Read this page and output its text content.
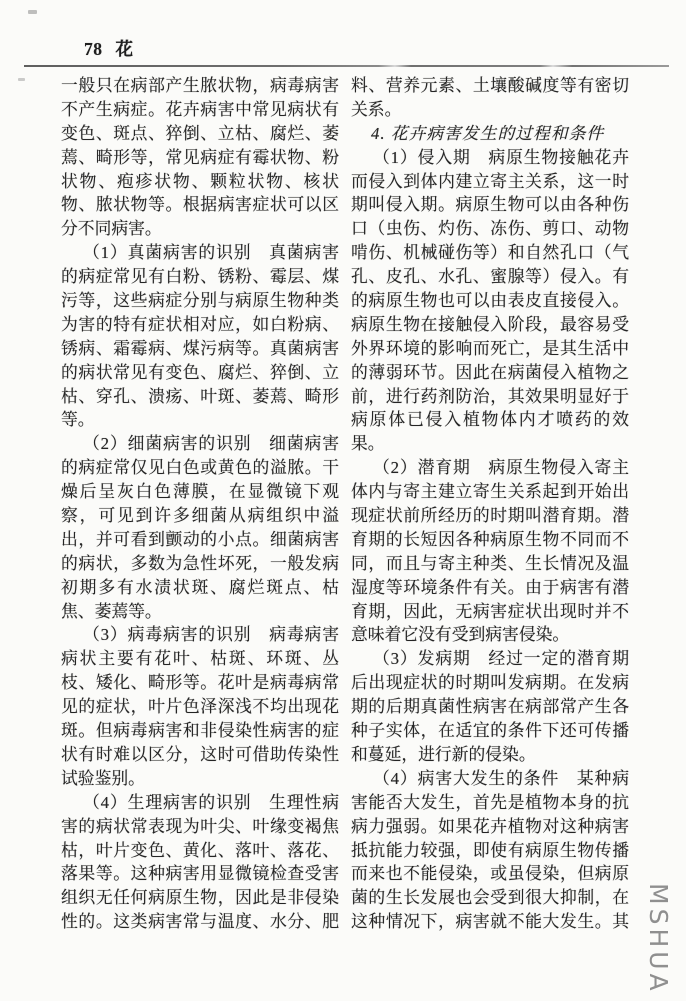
78 花
一般只在病部产生脓状物，病毒病害
不产生病症。花卉病害中常见病状有
变色、斑点、猝倒、立枯、腐烂、萎
蔫、畸形等，常见病症有霉状物、粉
状物、疱疹状物、颗粒状物、核状
物、脓状物等。根据病害症状可以区
分不同病害。
（1）真菌病害的识别　真菌病害
的病症常见有白粉、锈粉、霉层、煤
污等，这些病症分别与病原生物种类
为害的特有症状相对应，如白粉病、
锈病、霜霉病、煤污病等。真菌病害
的病状常见有变色、腐烂、猝倒、立
枯、穿孔、溃疡、叶斑、萎蔫、畸形
等。
（2）细菌病害的识别　细菌病害
的病症常仅见白色或黄色的溢脓。干
燥后呈灰白色薄膜，在显微镜下观
察，可见到许多细菌从病组织中溢
出，并可看到颤动的小点。细菌病害
的病状，多数为急性坏死，一般发病
初期多有水渍状斑、腐烂斑点、枯
焦、萎蔫等。
（3）病毒病害的识别　病毒病害
病状主要有花叶、枯斑、环斑、丛
枝、矮化、畸形等。花叶是病毒病常
见的症状，叶片色泽深浅不均出现花
斑。但病毒病害和非侵染性病害的症
状有时难以区分，这时可借助传染性
试验鉴别。
（4）生理病害的识别　生理性病
害的病状常表现为叶尖、叶缘变褐焦
枯，叶片变色、黄化、落叶、落花、
落果等。这种病害用显微镜检查受害
组织无任何病原生物，因此是非侵染
性的。这类病害常与温度、水分、肥
料、营养元素、土壤酸碱度等有密切
关系。
4. 花卉病害发生的过程和条件
（1）侵入期　病原生物接触花卉
而侵入到体内建立寄主关系，这一时
期叫侵入期。病原生物可以由各种伤
口（虫伤、灼伤、冻伤、剪口、动物
啃伤、机械碰伤等）和自然孔口（气
孔、皮孔、水孔、蜜腺等）侵入。有
的病原生物也可以由表皮直接侵入。
病原生物在接触侵入阶段，最容易受
外界环境的影响而死亡，是其生活中
的薄弱环节。因此在病菌侵入植物之
前，进行药剂防治，其效果明显好于
病原体已侵入植物体内才喷药的效
果。
（2）潜育期　病原生物侵入寄主
体内与寄主建立寄生关系起到开始出
现症状前所经历的时期叫潜育期。潜
育期的长短因各种病原生物不同而不
同，而且与寄主种类、生长情况及温
湿度等环境条件有关。由于病害有潜
育期，因此，无病害症状出现时并不
意味着它没有受到病害侵染。
（3）发病期　经过一定的潜育期
后出现症状的时期叫发病期。在发病
期的后期真菌性病害在病部常产生各
种子实体，在适宜的条件下还可传播
和蔓延，进行新的侵染。
（4）病害大发生的条件　某种病
害能否大发生，首先是植物本身的抗
病力强弱。如果花卉植物对这种病害
抵抗能力较强，即使有病原生物传播
而来也不能侵染，或虽侵染，但病原
菌的生长发展也会受到很大抑制，在
这种情况下，病害就不能大发生。其 MSHUA
